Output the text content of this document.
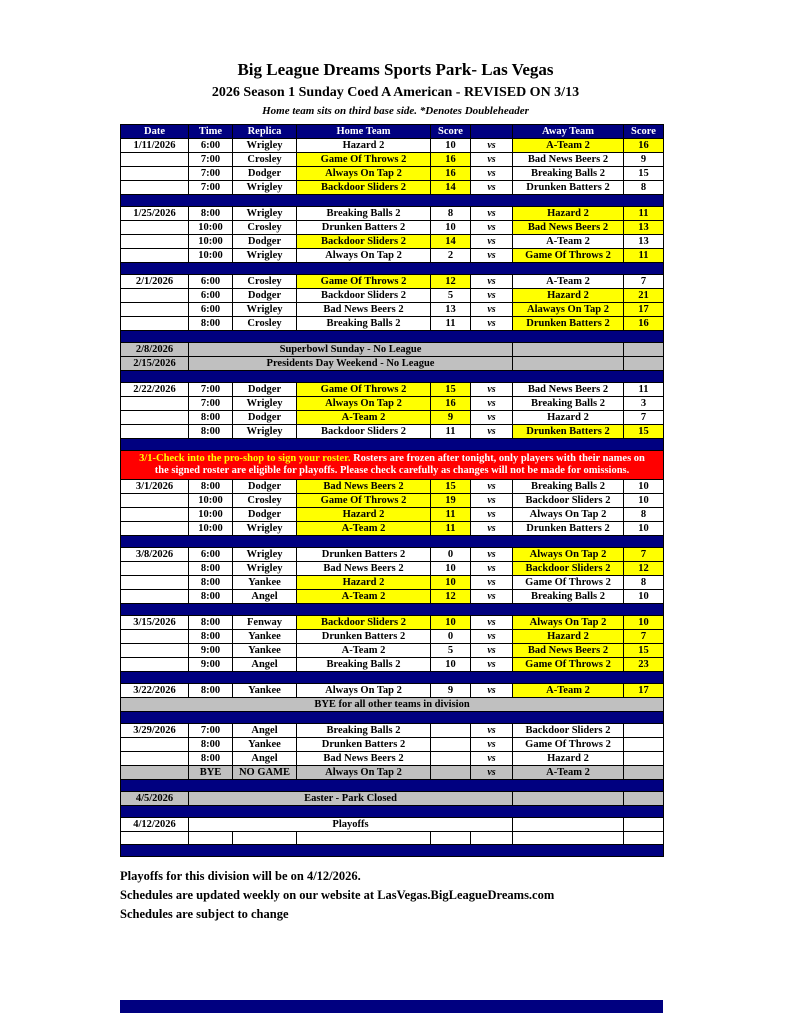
Big League Dreams Sports Park- Las Vegas
2026 Season 1 Sunday Coed A American - REVISED ON 3/13
Home team sits on third base side. *Denotes Doubleheader
Date	Time	Replica	Home Team	Score		Away Team	Score
1/11/2026	6:00	Wrigley	Hazard 2	10	vs	A-Team 2	16
	7:00	Crosley	Game Of Throws 2	16	vs	Bad News Beers 2	9
	7:00	Dodger	Always On Tap 2	16	vs	Breaking Balls 2	15
	7:00	Wrigley	Backdoor Sliders 2	14	vs	Drunken Batters 2	8

1/25/2026	8:00	Wrigley	Breaking Balls 2	8	vs	Hazard 2	11
	10:00	Crosley	Drunken Batters 2	10	vs	Bad News Beers 2	13
	10:00	Dodger	Backdoor Sliders 2	14	vs	A-Team 2	13
	10:00	Wrigley	Always On Tap 2	2	vs	Game Of Throws 2	11

2/1/2026	6:00	Crosley	Game Of Throws 2	12	vs	A-Team 2	7
	6:00	Dodger	Backdoor Sliders 2	5	vs	Hazard 2	21
	6:00	Wrigley	Bad News Beers 2	13	vs	Alaways On Tap 2	17
	8:00	Crosley	Breaking Balls 2	11	vs	Drunken Batters 2	16

2/8/2026	Superbowl Sunday - No League						
2/15/2026	Presidents Day Weekend - No League						

2/22/2026	7:00	Dodger	Game Of Throws 2	15	vs	Bad News Beers 2	11
	7:00	Wrigley	Always On Tap 2	16	vs	Breaking Balls 2	3
	8:00	Dodger	A-Team 2	9	vs	Hazard 2	7
	8:00	Wrigley	Backdoor Sliders 2	11	vs	Drunken Batters 2	15

3/1-Check into the pro-shop to sign your roster. Rosters are frozen after tonight, only players with their names on the signed roster are eligible for playoffs. Please check carefully as changes will not be made for omissions.							
3/1/2026	8:00	Dodger	Bad News Beers 2	15	vs	Breaking Balls 2	10
	10:00	Crosley	Game Of Throws 2	19	vs	Backdoor Sliders 2	10
	10:00	Dodger	Hazard 2	11	vs	Always On Tap 2	8
	10:00	Wrigley	A-Team 2	11	vs	Drunken Batters 2	10

3/8/2026	6:00	Wrigley	Drunken Batters 2	0	vs	Always On Tap 2	7
	8:00	Wrigley	Bad News Beers 2	10	vs	Backdoor Sliders 2	12
	8:00	Yankee	Hazard 2	10	vs	Game Of Throws 2	8
	8:00	Angel	A-Team 2	12	vs	Breaking Balls 2	10

3/15/2026	8:00	Fenway	Backdoor Sliders 2	10	vs	Always On Tap 2	10
	8:00	Yankee	Drunken Batters 2	0	vs	Hazard 2	7
	9:00	Yankee	A-Team 2	5	vs	Bad News Beers 2	15
	9:00	Angel	Breaking Balls 2	10	vs	Game Of Throws 2	23

3/22/2026	8:00	Yankee	Always On Tap 2	9	vs	A-Team 2	17
BYE for all other teams in division							

3/29/2026	7:00	Angel	Breaking Balls 2		vs	Backdoor Sliders 2	
	8:00	Yankee	Drunken Batters 2		vs	Game Of Throws 2	
	8:00	Angel	Bad News Beers 2		vs	Hazard 2	
	BYE	NO GAME	Always On Tap 2		vs	A-Team 2	

4/5/2026	Easter - Park Closed						

4/12/2026	Playoffs						

Playoffs for this division will be on 4/12/2026.
Schedules are updated weekly on our website at LasVegas.BigLeagueDreams.com
Schedules are subject to change
